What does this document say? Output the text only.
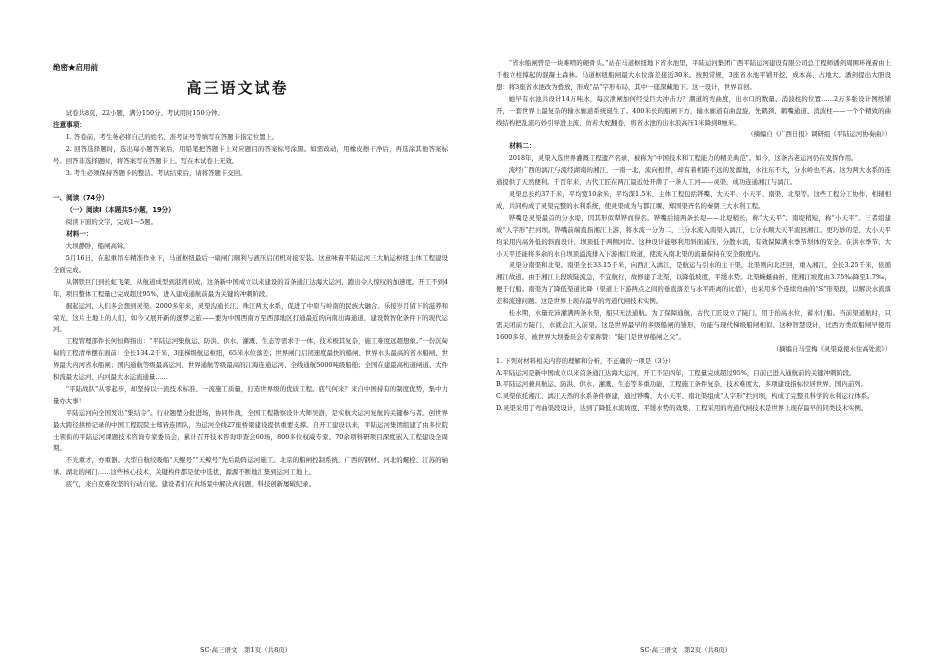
绝密★启用前
高三语文试卷

试卷共8页，22小题，满分150分。考试用时150分钟。

注意事项：

1. 答卷前，考生务必将自己的姓名、准考证号等填写在答题卡指定位置上。

2. 回答选择题时，选出每小题答案后，用铅笔把答题卡上对应题目的答案标号涂黑。如需改动，用橡皮擦干净后，再选涂其他答案标号。回答非选择题时，将答案写在答题卡上。写在本试卷上无效。

3. 考生必须保持答题卡的整洁。考试结束后，请将答题卡交回。

一、阅读（74分）

（一）阅读Ⅰ（本题共5小题，19分）

阅读下面的文字，完成1～5题。

材料一：

大坝静卧，船闸高耸。

5月16日，在起重吊车精准作业下，马道枢纽最后一扇闸门顺利与液压启闭机对接安装。这意味着平陆运河三大航运枢纽主体工程建设全面完成。

从钢铁巨门到长虹飞架，从航道成型到港湾初成，这条新中国成立以来建设的首条通江达海大运河，跑出令人惊叹的加速度。开工不到4年，项目整体工程量已完成超过95%，进入建成通航前最为关键的冲刺阶段。

掘起运河，人们多会想到灵渠。2000多年来，灵渠沟通长江、珠江两大水系，促进了中原与岭南的民族大融合。乐接岁月留下的滋养和荣光，这片土地上的人们，如今又展开新的逐梦之旅——要为中国西南方至西部地区打通最近的向南出海通道，建设数智化条件下的现代运河。

工程管理部件长何恒辉指出：“平陆运河集航运、防洪、供水、灌溉、生态等需求于一体，技术极其复杂，施工难度远超想象。”一份沉甸甸的工程清单摆在面前：全长134.2千米，3座梯级航运枢纽，65米水位落差；世界闸门启闭速度最快的船闸、世界水头最高的省水船闸、世界最大内河省水船闸；国内通航等级最高运河、世界通航等级最高的江海连通运河、全线通航5000吨级船舶；全国在建最高桁道闸道、大件积流最大运河、内河最大水运流通量……

“平陆战队”从零起步，却坚持以一流技术标准、一流施工质量，打造世界级的优质工程。底气何来？来自中国持有的制度优势，集中力量办大事！

平陆运河向全国发出“集结令”。行业翘楚分批进场，协同作战，全国工程勘察设计大师吴澍，是实航大运河复航的关键参与者。创世界最大跨径拱桥记录的中国工程院院士郑皆连团队，为运河全线27座桥梁建设提供重要支撑。自开工建设以来，平陆运河集团组建了由多位院士领衔的平陆运河课题技术咨询专家委员会，累计召开技术咨询审查会60场，800多位权威专家、70余项科研项目深度嵌入工程建设全周期。

不光重才，亦重器。大型自航绞吸船“天鲲号”“天鲸号”先后助阵运河施工。北京的船闸控制系统、广西的钢材、河北的螺栓、江苏的轴承、湖北的闸门……这些核心技术、关键构件都是优中选优，源源不断地汇集到运河工地上。

底气，来自克难攻坚的行动自觉。建设者们在真场景中解决真问题，科技创新屡破纪录。

“省水船闸曾是一块难啃的硬骨头。”站在马道枢纽地下省水池里，平陆运河集团广西平陆运河建设有限公司总工程师潘剑周围环视着由上千根立柱撑起的混凝土森林。马道枢纽船闸最大水位落差接近30米。按照常规，3座省水池平铺开挖，成本高、占地大。潘剑提出大胆设想：将3座省水池改为叠放，形成“品”字形布局，其中一座深藏地下。这一设计，世界首创。

她早有水池共设计14万吨水，每次泄闸加何经受巨大冲击力？潮道的弯曲度，出水口的数量、消波柱的位置……2万多张设计图纸铺开，一套世界上最复杂的输水廊道系统诞生了。400米长的船闸下方，输水廊道有曲盘旋，先鹤颈、鹤嘴通道、消波柱——一个个精致的曲线结构把乱流巧妙引导进主流，仿若大蛇翻卷，将省水池的出水浪高压1米降到8厘米。

（摘编自《广西日报》调研组《平陆运河协奏曲》）

材料二：

2018年，灵渠入选世界灌溉工程遗产名录，被称为“中国技术和工程能力的精美典范”。如今，这条古老运河仍在发挥作用。

流经广西的漓江与流经湖南的湘江，一南一北，流向相背，却有着相距不远的发源地，水往东不大，分水岭也不高。这为两大水系的连通提供了天然便利。千百年来，古代工匠在两江最近处开凿了一条人工河——灵渠，成功连通湘江与漓江。

灵渠总长约37千米，平均宽10余米，平均深1.5米，主体工程包括铧嘴、大天平、小天平、南渠、北渠等。这些工程分工协作，相辅相成，共同构成了灵渠完整的水利系统，使灵渠成为与都江堰、郑国渠齐名的秦朝三大水利工程。

铧嘴是灵渠最首的分水堤，因其形似犁铧而得名。铧嘴后接两条长堤——北堤稍长，称“大天平”；南堤稍短，称“小天平”。三者组建成“人字形”拦河坝。铧嘴前端直指湘江上游，将水流一分为二，三分水流入南渠入漓江，七分水顺大天平流回湘江。更巧妙的是，大小天平均采用内高外低的斜面设计，坝顶低于两侧河岸。这种设计能够利用斜面减压，分散水流，有效保障满水季节坝体的安全。在洪水季节，大小天平还能将多余的水自坝顶溢流排入下游湘江故道，使流入南北渠的流量保持在安全限度内。

灵渠分南渠和北渠。南渠全长33.15千米，向西汇入漓江，是航运与引水的主干渠。北渠则向北迂回，重入湘江，全长3.25千米，依循湘江故道。由于湘江上段坡陡流急，不宜航行，故修建了北渠，以降低坡度，平缓水势。北渠蜿蜒曲折，使湘江坡度由3.75‰降至1.7‰，便于行船。南渠为了降低渠道比降（渠道上下游两点之间的垂直落差与水平距离的比值），也采用多个连续弯曲的“S”形渠段，以解决水流落差和流速问题。这是世界上现存最早的弯道代闸技术实例。

桂水期，水量充沛灌满两条水渠，船只无法通航。为了保障通航，古代工匠设立了陡门，用于抬高水位，蓄水行船。当前渠道航时，只需关闭前方陡门，水就会汇入前渠。这是世界最早的多级船闸的雏形，功能与现代梯级船闸相似。这种智慧设计，比西方类似船闸早使用1600多年，被世界大坝委员会专家称赞：“陡门是世界船闸之父”。

（摘编自马莹梅《灵渠竟使水往高处流》）

1. 下列对材料相关内容的理解和分析，不正确的一项是（3分）

A.平陆运河是新中国成立以来首条通江达海大运河，开工不足四年，工程量完成超过95%，目前已进入通航前的关键冲刺阶段。

B.平陆运河兼具航运、防洪、供水、灌溉、生态等多重功能，工程施工条件复杂，技术难度大，多项建设指标位居世界、国内前列。

C.灵渠依托湘江、漓江天然的水系条件修建，通过铧嘴、大小天平、南北渠组成“人字形”拦河坝，构成了完整且科学的水利运行体系。

D.灵渠采用了弯曲渠段设计，达到了降低水流坡度、平缓水势的效果，工程采用的弯道代闸技术是世界上现存最早的同类技术实例。

SC·高三语文　第1页（共8页）	SC·高三语文　第2页（共8页）
